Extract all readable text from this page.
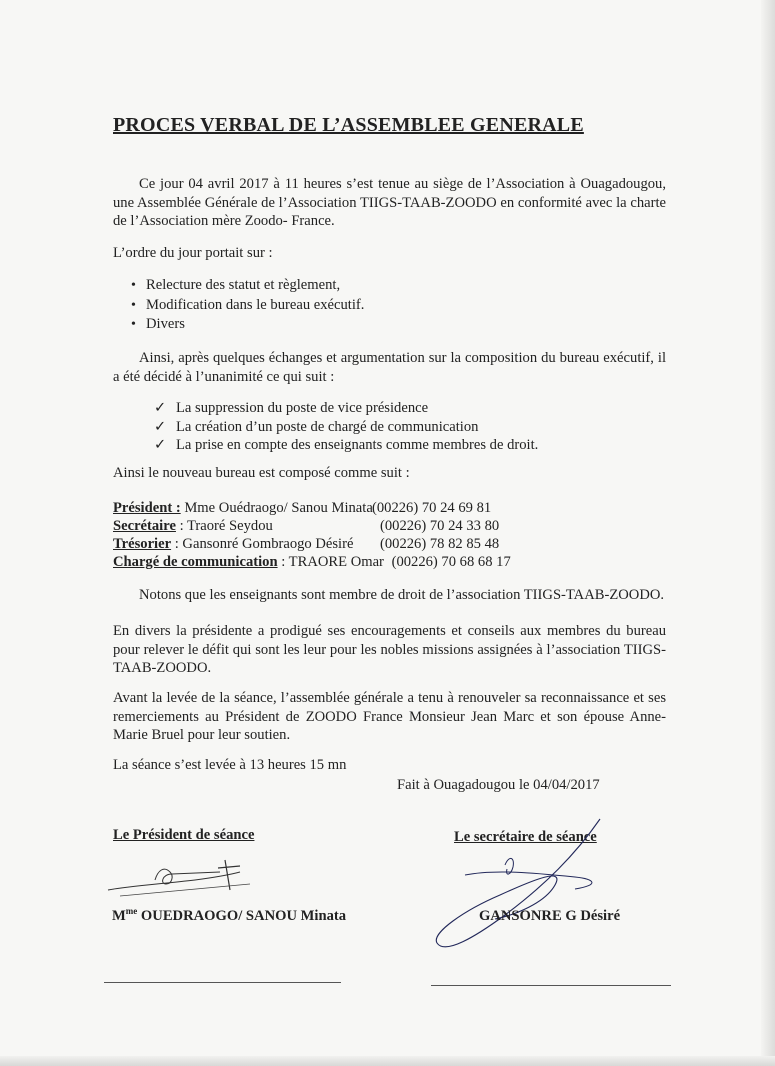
PROCES VERBAL DE L’ASSEMBLEE GENERALE
Ce jour 04 avril 2017 à 11 heures s’est tenue au siège de l’Association à Ouagadougou, une Assemblée Générale de l’Association TIIGS-TAAB-ZOODO en conformité avec la charte de l’Association mère Zoodo- France.
L’ordre du jour portait sur :
• Relecture des statut et règlement,
• Modification dans le bureau exécutif.
• Divers
Ainsi, après quelques échanges et argumentation sur la composition du bureau exécutif, il a été décidé à l’unanimité ce qui suit :
✓ La suppression du poste de vice présidence
✓ La création d’un poste de chargé de communication
✓ La prise en compte des enseignants comme membres de droit.
Ainsi le nouveau bureau est composé comme suit :
Président : Mme Ouédraogo/ Sanou Minata (00226) 70 24 69 81
Secrétaire : Traoré Seydou	(00226) 70 24 33 80
Trésorier : Gansonré Gombraogo Désiré (00226) 78 82 85 48
Chargé de communication : TRAORE Omar (00226) 70 68 68 17
Notons que les enseignants sont membre de droit de l’association TIIGS-TAAB-ZOODO.
En divers la présidente a prodigué ses encouragements et conseils aux membres du bureau pour relever le défit qui sont les leur pour les nobles missions assignées à l’association TIIGS-TAAB-ZOODO.
Avant la levée de la séance, l’assemblée générale a tenu à renouveler sa reconnaissance et ses remerciements au Président de ZOODO France Monsieur Jean Marc et son épouse Anne-Marie Bruel pour leur soutien.
La séance s’est levée à 13 heures 15 mn
Fait à Ouagadougou le 04/04/2017
Le Président de séance
$M^{me}$ OUEDRAOGO/ SANOU Minata
Le secrétaire de séance
GANSONRE G Désiré
